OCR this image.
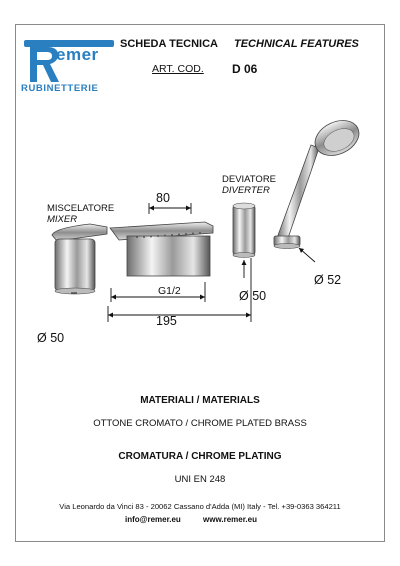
emer
RUBINETTERIE
SCHEDA TECNICA TECHNICAL FEATURES
ART. COD. D 06
MISCELATORE
MIXER
DEVIATORE
DIVERTER
80
G1/2
195
Ø 50
Ø 50
Ø 52
MATERIALI / MATERIALS
OTTONE CROMATO / CHROME PLATED BRASS
CROMATURA / CHROME PLATING
UNI EN 248
Via Leonardo da Vinci 83 - 20062 Cassano d'Adda (MI) Italy - Tel. +39-0363 364211
info@remer.eu	www.remer.eu
